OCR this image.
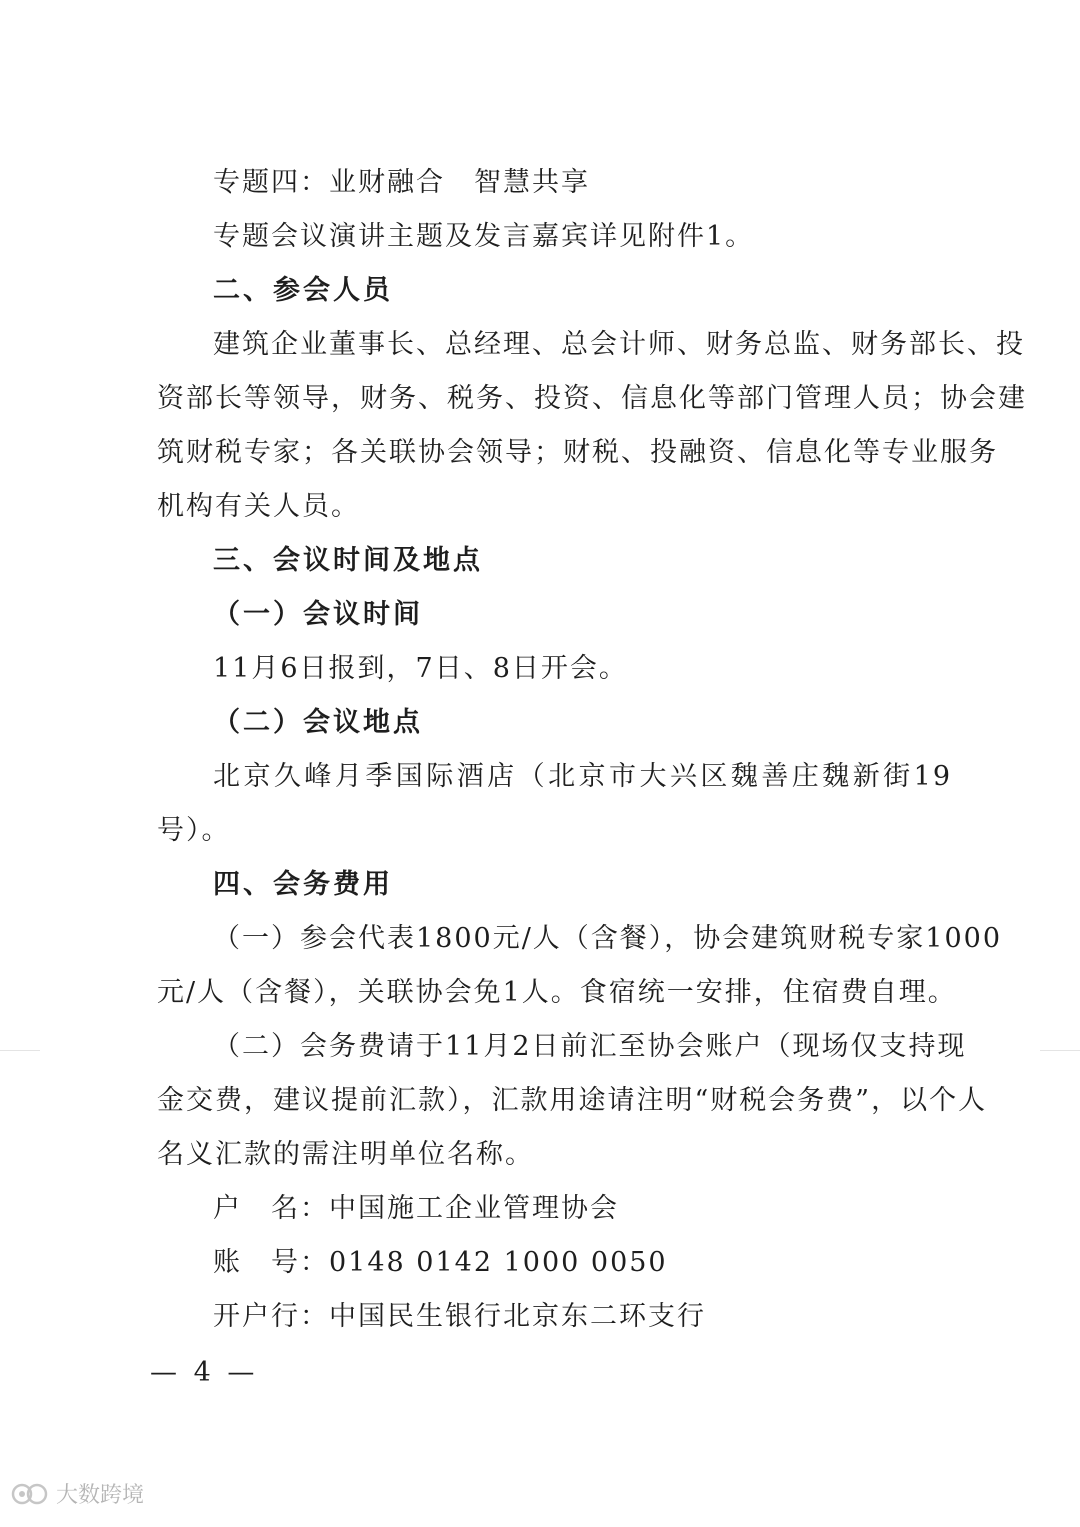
专题四：业财融合　智慧共享
专题会议演讲主题及发言嘉宾详见附件1。
二、参会人员
建筑企业董事长、总经理、总会计师、财务总监、财务部长、投
资部长等领导，财务、税务、投资、信息化等部门管理人员；协会建
筑财税专家；各关联协会领导；财税、投融资、信息化等专业服务
机构有关人员。
三、会议时间及地点
（一）会议时间
11月6日报到，7日、8日开会。
（二）会议地点
北京久峰月季国际酒店（北京市大兴区魏善庄魏新街19
号）。
四、会务费用
（一）参会代表1800元/人（含餐），协会建筑财税专家1000
元/人（含餐），关联协会免1人。食宿统一安排，住宿费自理。
（二）会务费请于11月2日前汇至协会账户（现场仅支持现
金交费，建议提前汇款），汇款用途请注明“财税会务费”，以个人
名义汇款的需注明单位名称。
户　名：中国施工企业管理协会
账　号：0148 0142 1000 0050
开户行：中国民生银行北京东二环支行
— 4 —
大数跨境
